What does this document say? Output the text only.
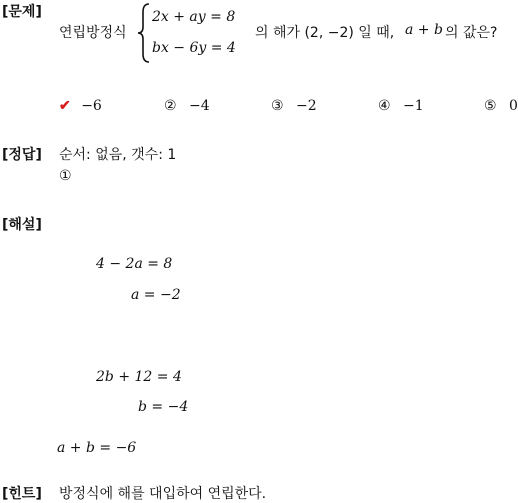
[문제]
연립방정식
2x + ay = 8
bx − 6y = 4
의 해가 (2, −2) 일 때, a + b 의 값은?
✔ −6	② −4	③ −2	④ −1	⑤ 0
[정답] 순서: 없음, 갯수: 1
①
[해설]
4 − 2a = 8
a = −2
2b + 12 = 4
b = −4
a + b = −6
[힌트] 방정식에 해를 대입하여 연립한다.
